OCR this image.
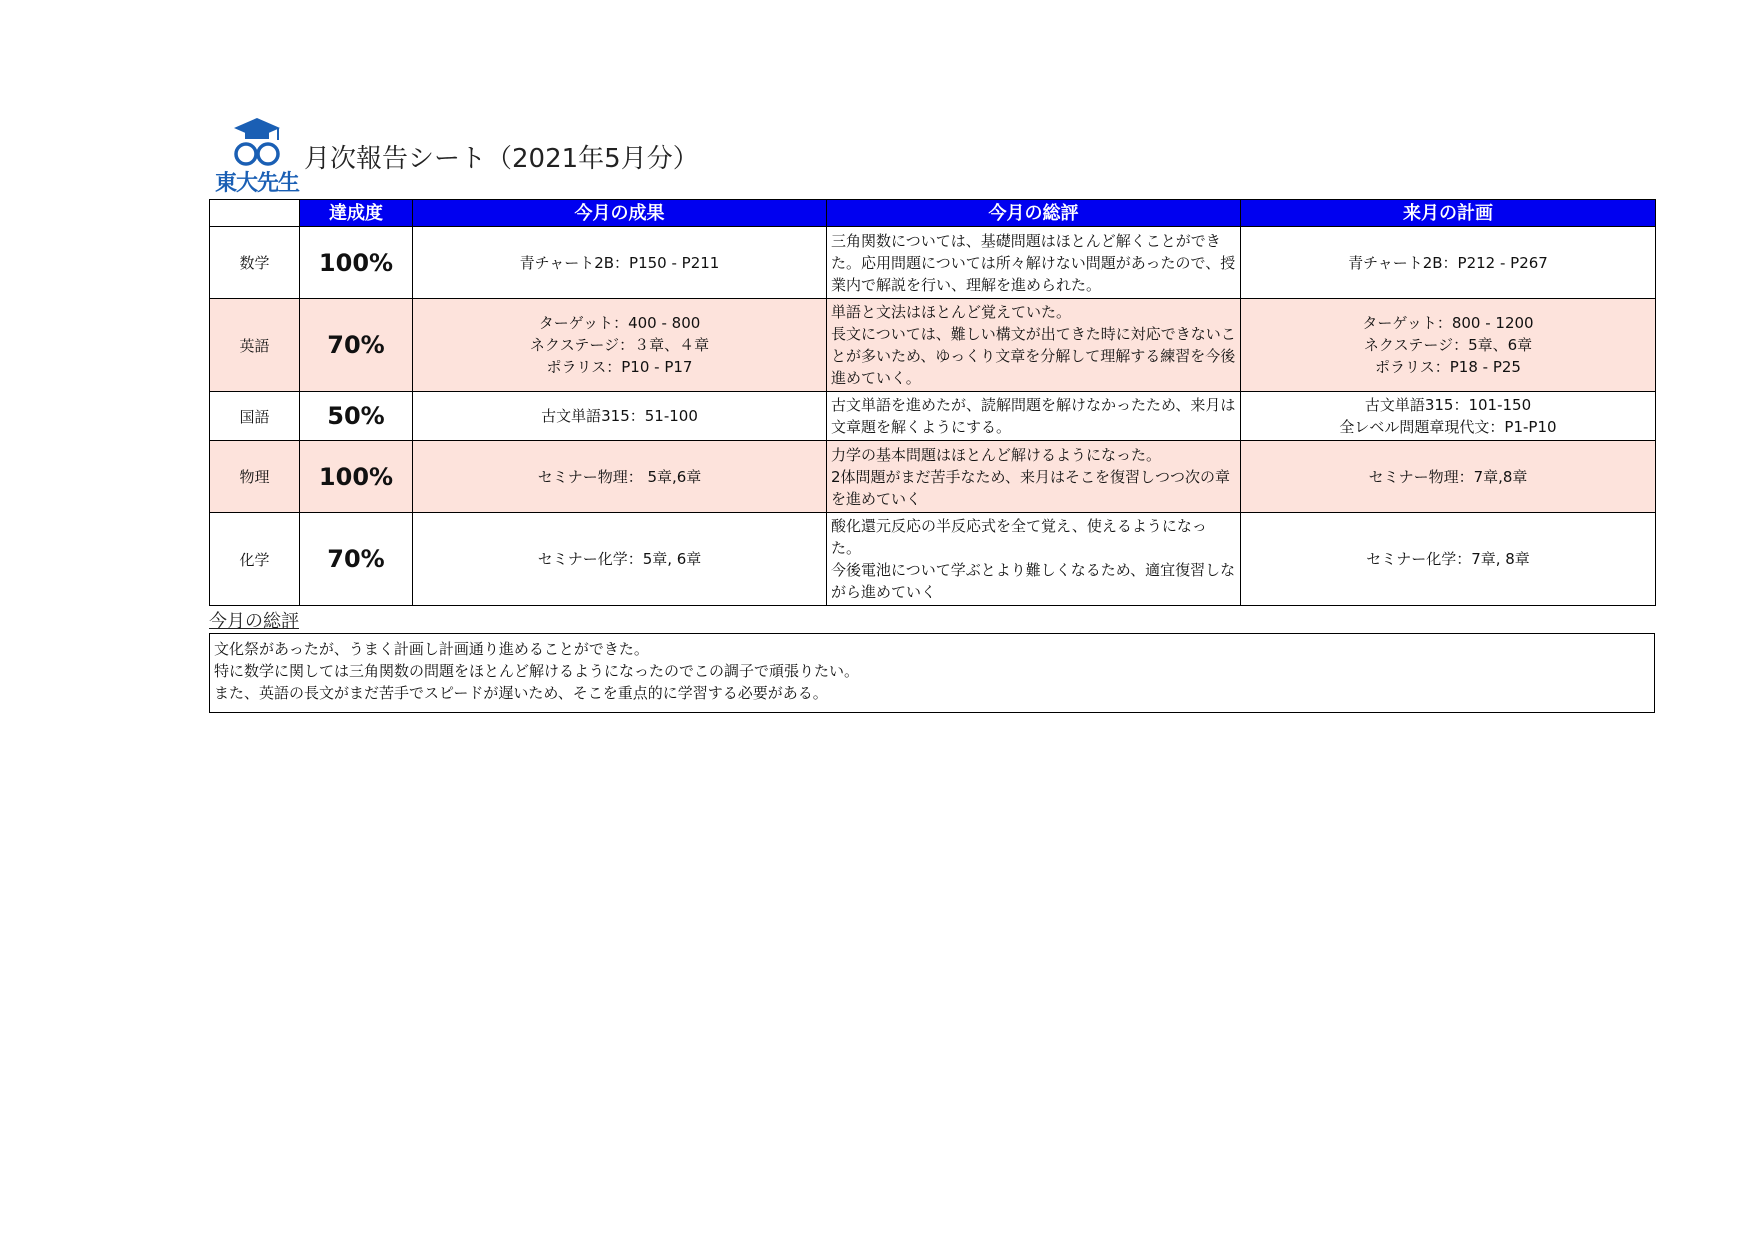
東大先生
月次報告シート（2021年5月分）
	達成度	今月の成果	今月の総評	来月の計画
数学	100%	青チャート2B：P150 - P211	三角関数については、基礎問題はほとんど解くことができ
た。応用問題については所々解けない問題があったので、授
業内で解説を行い、理解を進められた。	青チャート2B：P212 - P267
英語	70%	ターゲット：400 - 800
ネクステージ：３章、４章
ポラリス：P10 - P17	単語と文法はほとんど覚えていた。
長文については、難しい構文が出てきた時に対応できないこ
とが多いため、ゆっくり文章を分解して理解する練習を今後
進めていく。	ターゲット：800 - 1200
ネクステージ：5章、6章
ポラリス：P18 - P25
国語	50%	古文単語315：51-100	古文単語を進めたが、読解問題を解けなかったため、来月は
文章題を解くようにする。	古文単語315：101-150
全レベル問題章現代文：P1-P10
物理	100%	セミナー物理： 5章,6章	力学の基本問題はほとんど解けるようになった。
2体問題がまだ苦手なため、来月はそこを復習しつつ次の章
を進めていく	セミナー物理：7章,8章
化学	70%	セミナー化学：5章, 6章	酸化還元反応の半反応式を全て覚え、使えるようになった。
今後電池について学ぶとより難しくなるため、適宜復習しな
がら進めていく	セミナー化学：7章, 8章
今月の総評
文化祭があったが、うまく計画し計画通り進めることができた。
特に数学に関しては三角関数の問題をほとんど解けるようになったのでこの調子で頑張りたい。
また、英語の長文がまだ苦手でスピードが遅いため、そこを重点的に学習する必要がある。
